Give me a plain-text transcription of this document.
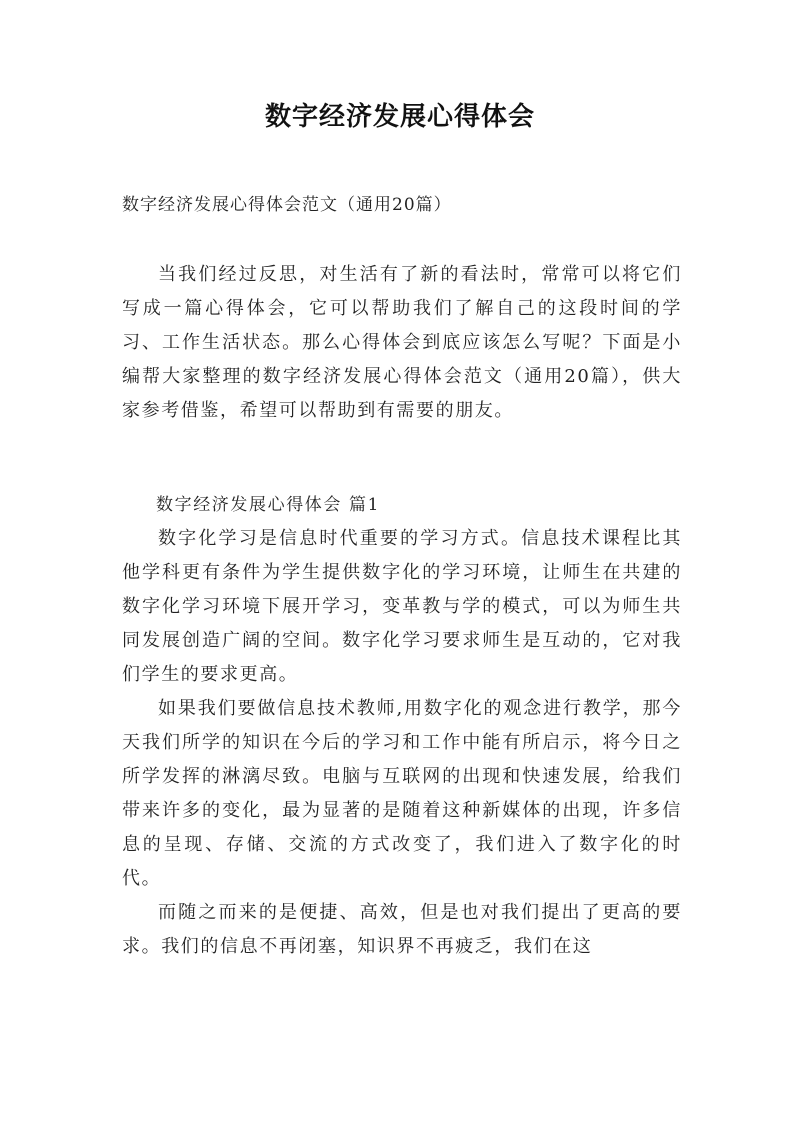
数字经济发展心得体会
数字经济发展心得体会范文（通用20篇）

当我们经过反思，对生活有了新的看法时，常常可以将它们写成一篇心得体会，它可以帮助我们了解自己的这段时间的学习、工作生活状态。那么心得体会到底应该怎么写呢？下面是小编帮大家整理的数字经济发展心得体会范文（通用20篇），供大家参考借鉴，希望可以帮助到有需要的朋友。

数字经济发展心得体会 篇1

数字化学习是信息时代重要的学习方式。信息技术课程比其他学科更有条件为学生提供数字化的学习环境，让师生在共建的数字化学习环境下展开学习，变革教与学的模式，可以为师生共同发展创造广阔的空间。数字化学习要求师生是互动的，它对我们学生的要求更高。

如果我们要做信息技术教师,用数字化的观念进行教学，那今天我们所学的知识在今后的学习和工作中能有所启示，将今日之所学发挥的淋漓尽致。电脑与互联网的出现和快速发展，给我们带来许多的变化，最为显著的是随着这种新媒体的出现，许多信息的呈现、存储、交流的方式改变了，我们进入了数字化的时代。

而随之而来的是便捷、高效，但是也对我们提出了更高的要求。我们的信息不再闭塞，知识界不再疲乏，我们在这
